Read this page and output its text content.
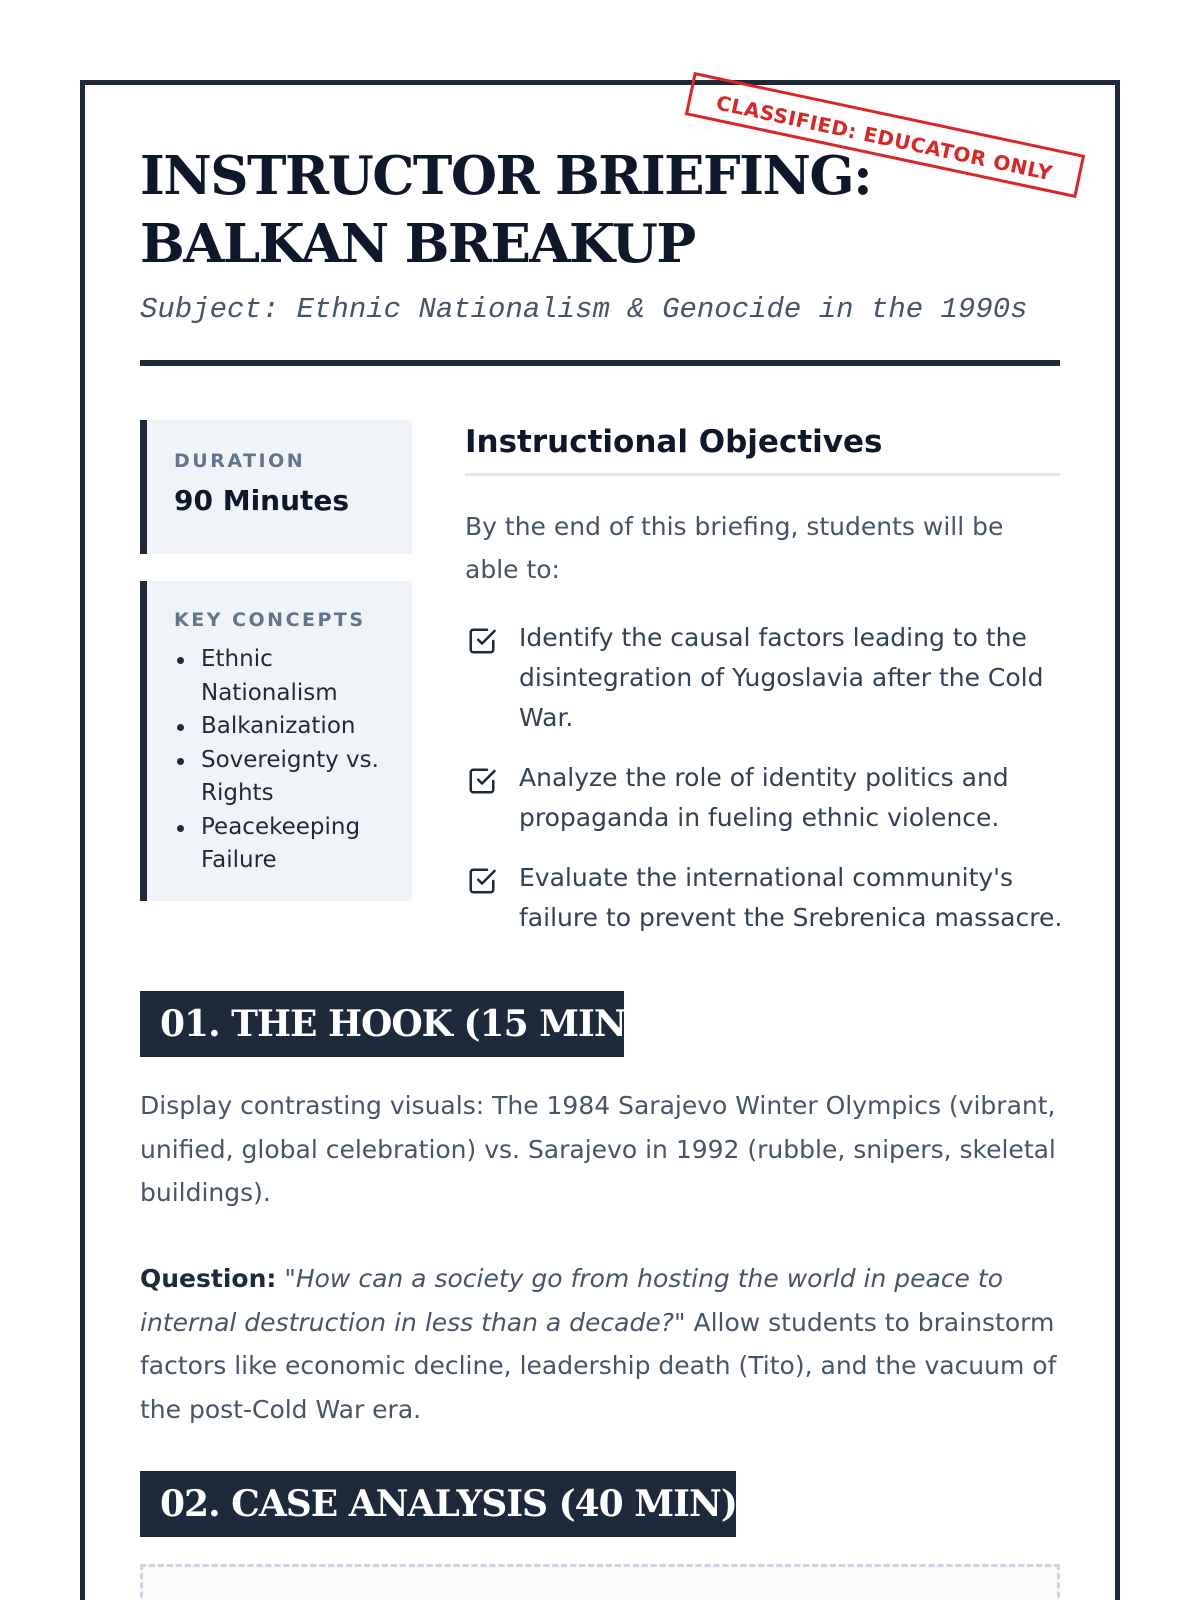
CLASSIFIED: EDUCATOR ONLY
INSTRUCTOR BRIEFING:
BALKAN BREAKUP
Subject: Ethnic Nationalism & Genocide in the 1990s
DURATION
90 Minutes
KEY CONCEPTS
Ethnic Nationalism
Balkanization
Sovereignty vs. Rights
Peacekeeping Failure
Instructional Objectives
By the end of this briefing, students will be able to:
Identify the causal factors leading to the disintegration of Yugoslavia after the Cold War.
Analyze the role of identity politics and propaganda in fueling ethnic violence.
Evaluate the international community's failure to prevent the Srebrenica massacre.
01. THE HOOK (15 MIN)

Display contrasting visuals: The 1984 Sarajevo Winter Olympics (vibrant, unified, global celebration) vs. Sarajevo in 1992 (rubble, snipers, skeletal buildings).

Question: "How can a society go from hosting the world in peace to internal destruction in less than a decade?" Allow students to brainstorm factors like economic decline, leadership death (Tito), and the vacuum of the post-Cold War era.

02. CASE ANALYSIS (40 MIN)
